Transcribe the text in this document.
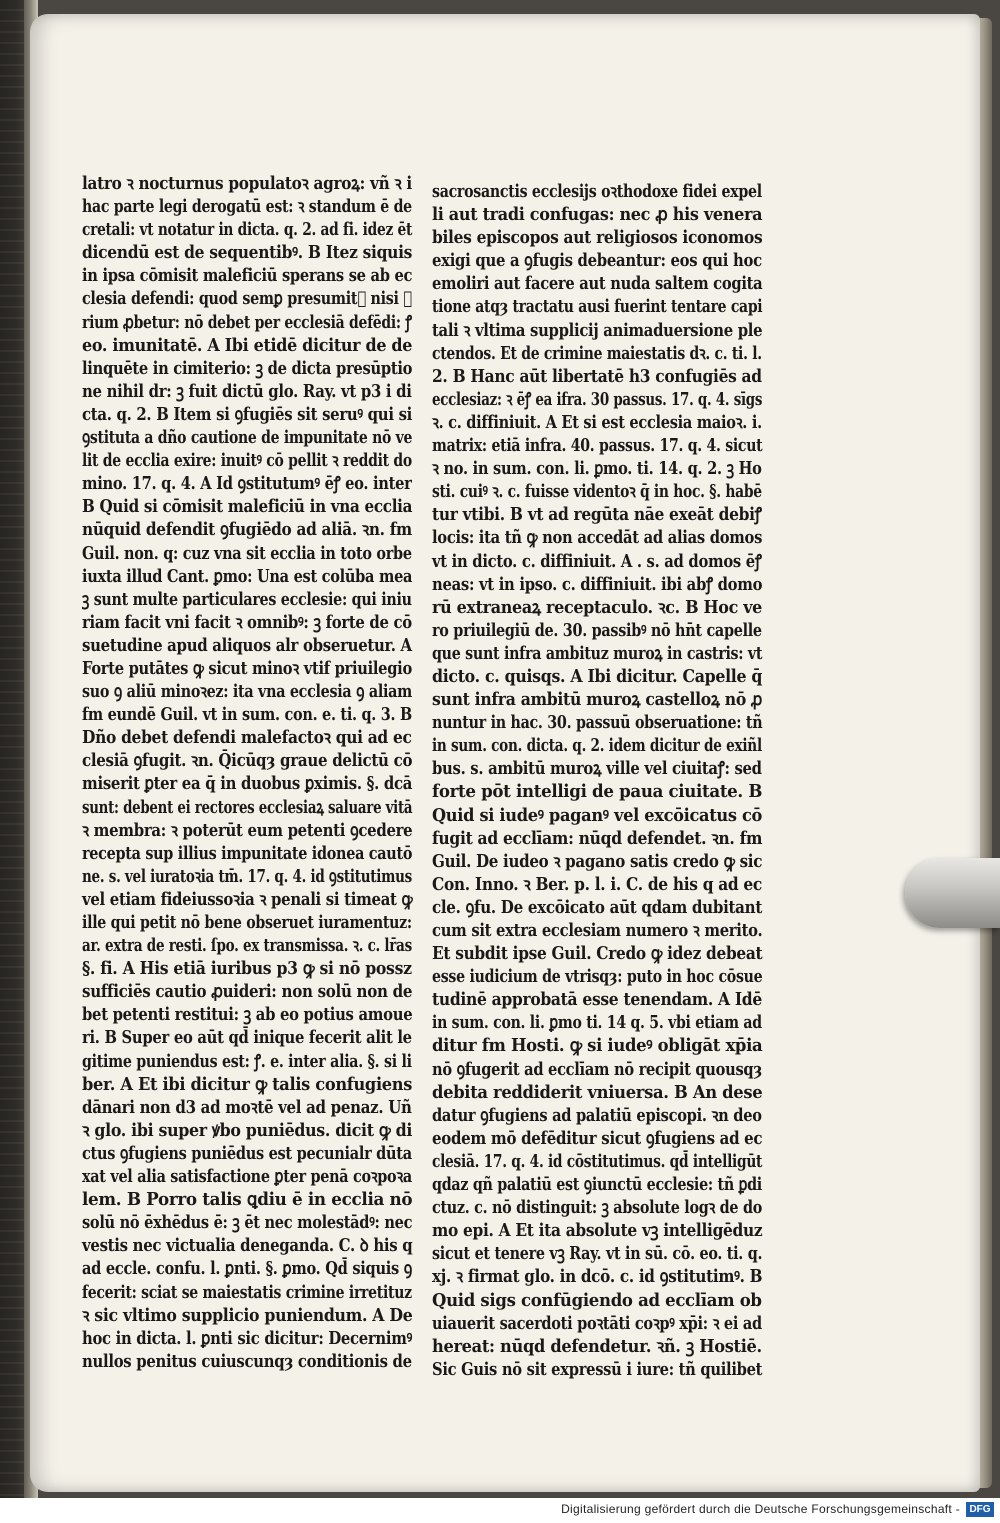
latro ꝛ nocturnus populatoꝛ agroꝝ: vñ ꝛ i
hac parte legi derogatū est: ꝛ standum ē de
cretali: vt notatur in dicta. q. 2. ad fi. idez ēt
dicendū est de sequentibꝰ. B Itez siquis
in ipsa cōmisit maleficiū sperans se ab ec
clesia defendi: quod semꝑ presumitᷣ nisi ꝯ
rium ꝓbetur: nō debet per ecclesiā defēdi: ꝭ
eo. imunitatē. A Ibi etidē dicitur de de
linquēte in cimiterio: ꝫ de dicta presūptio
ne nihil dr: ꝫ fuit dictū glo. Ray. vt p3 i di
cta. q. 2. B Item si ꝯfugiēs sit seruꝰ qui si
ꝯstituta a dño cautione de impunitate nō ve
lit de ecclia exire: inuitꝰ cō pellit ꝛ reddit do
mino. 17. q. 4. A Id ꝯstitutumꝰ ēꝭ eo. inter
B Quid si cōmisit maleficiū in vna ecclia
nūquid defendit ꝯfugiēdo ad aliā. ꝛn. fm
Guil. non. q: cuz vna sit ecclia in toto orbe
iuxta illud Cant. ꝑmo: Una est colūba mea
ꝫ sunt multe particulares ecclesie: qui iniu
riam facit vni facit ꝛ omnibꝰ: ꝫ forte de cō
suetudine apud aliquos alr obseruetur. A
Forte putātes ꝙ sicut minoꝛ vtif priuilegio
suo ꝯ aliū minoꝛez: ita vna ecclesia ꝯ aliam
fm eundē Guil. vt in sum. con. e. ti. q. 3. B
Dño debet defendi malefactoꝛ qui ad ec
clesiā ꝯfugit. ꝛn. Q̄icūqȝ graue delictū cō
miserit ꝑter ea q̄ in duobus ꝑximis. §. dcā
sunt: debent ei rectores ecclesiaꝝ saluare vitā
ꝛ membra: ꝛ poterūt eum petenti ꝯcedere
recepta sup illius impunitate idonea cautō
ne. s. vel iuratoꝛia tm̄. 17. q. 4. id ꝯstitutimus
vel etiam fideiussoꝛia ꝛ penali si timeat ꝙ
ille qui petit nō bene obseruet iuramentuz:
ar. extra de resti. ſpo. ex transmissa. ꝛ. c. lr̄as
§. fi. A His etiā iuribus p3 ꝙ si nō possz
sufficiēs cautio ꝓuideri: non solū non de
bet petenti restitui: ꝫ ab eo potius amoue
ri. B Super eo aūt qd̄ inique fecerit alit le
gitime puniendus est: ꝭ. e. inter alia. §. si li
ber. A Et ibi dicitur ꝙ talis confugiens
dānari non d3 ad moꝛtē vel ad penaz. Uñ
ꝛ glo. ibi super ꝟbo puniēdus. dicit ꝙ di
ctus ꝯfugiens puniēdus est pecunialr dūta
xat vel alia satisfactione ꝑter penā coꝛpoꝛa
lem. B Porro talis ꝗdiu ē in ecclia nō
solū nō ēxhēdus ē: ꝫ ēt nec molestādꝰ: nec
vestis nec victualia deneganda. C. ꝺ his q
ad eccle. confu. l. ꝑnti. §. ꝑmo. Qd̄ siquis ꝯ
fecerit: sciat se maiestatis crimine irretituz
ꝛ sic vltimo supplicio puniendum. A De
hoc in dicta. l. ꝑnti sic dicitur: Decernimꝰ
nullos penitus cuiuscunqȝ conditionis de
sacrosanctis ecclesijs oꝛthodoxe fidei expel
li aut tradi confugas: nec ꝓ his venera
biles episcopos aut religiosos iconomos
exigi que a ꝯfugis debeantur: eos qui hoc
emoliri aut facere aut nuda saltem cogita
tione atqȝ tractatu ausi fuerint tentare capi
tali ꝛ vltima supplicij animaduersione ple
ctendos. Et de crimine maiestatis dꝛ. c. ti. l.
2. B Hanc aūt libertatē h3 confugiēs ad
ecclesiaz: ꝛ ēꝭ ea ifra. 30 passus. 17. q. 4. sīgs
ꝛ. c. diffiniuit. A Et si est ecclesia maioꝛ. i.
matrix: etiā infra. 40. passus. 17. q. 4. sicut
ꝛ no. in sum. con. li. ꝑmo. ti. 14. q. 2. ꝫ Ho
sti. cuiꝰ ꝛ. c. fuisse videntoꝛ q̄ in hoc. §. habē
tur vtibi. B vt ad regūta nāe exeāt debiꝭ
locis: ita tñ ꝙ non accedāt ad alias domos
vt in dicto. c. diffiniuit. A . s. ad domos ēꝭ
neas: vt in ipso. c. diffiniuit. ibi abꝭ domo
rū extraneaꝝ receptaculo. ꝛc. B Hoc ve
ro priuilegiū de. 30. passibꝰ nō hn̄t capelle
que sunt infra ambituz muroꝝ in castris: vt
dicto. c. quisqs. A Ibi dicitur. Capelle q̄
sunt infra ambitū muroꝝ castelloꝝ nō ꝓ
nuntur in hac. 30. passuū obseruatione: tñ
in sum. con. dicta. q. 2. idem dicitur de exiñl
bus. s. ambitū muroꝝ ville vel ciuitaꝭ: sed
forte pōt intelligi de paua ciuitate. B
Quid si iudeꝰ paganꝰ vel excōicatus cō
fugit ad ecclīam: nūqd defendet. ꝛn. fm
Guil. De iudeo ꝛ pagano satis credo ꝙ sic
Con. Inno. ꝛ Ber. p. l. i. C. de his q ad ec
cle. ꝯfu. De excōicato aūt qdam dubitant
cum sit extra ecclesiam numero ꝛ merito.
Et subdit ipse Guil. Credo ꝙ idez debeat
esse iudicium de vtrisqȝ: puto in hoc cōsue
tudinē approbatā esse tenendam. A Idē
in sum. con. li. ꝑmo ti. 14 q. 5. vbi etiam ad
ditur fm Hosti. ꝙ si iudeꝰ obligāt xp̄ia
nō ꝯfugerit ad ecclīam nō recipit quousqȝ
debita reddiderit vniuersa. B An dese
datur ꝯfugiens ad palatiū episcopi. ꝛn deo
eodem mō defēditur sicut ꝯfugiens ad ec
clesiā. 17. q. 4. id cōstitutimus. qd̄ intelligūt
qdaz qñ palatiū est ꝯiunctū ecclesie: tñ ꝑdi
ctuz. c. nō distinguit: ꝫ absolute logꝛ de do
mo epi. A Et ita absolute vꝫ intelligēduz
sicut et tenere vꝫ Ray. vt in sū. cō. eo. ti. q.
xj. ꝛ firmat glo. in dcō. c. id ꝯstitutimꝰ. B
Quid sigs confūgiendo ad ecclīam ob
uiauerit sacerdoti poꝛtāti coꝛpꝰ xp̄i: ꝛ ei ad
hereat: nūqd defendetur. ꝛñ. ꝫ Hostiē.
Sic Guis nō sit expressū i iure: tñ quilibet
Digitalisierung gefördert durch die Deutsche Forschungsgemeinschaft - DFG
